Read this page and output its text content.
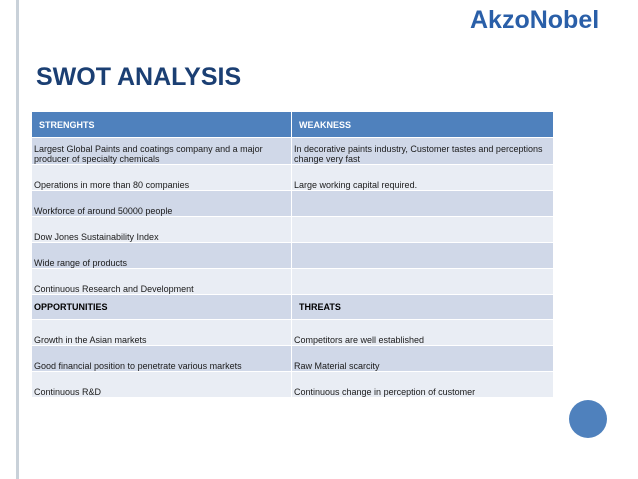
AkzoNobel
SWOT ANALYSIS
STRENGHTS	WEAKNESS
Largest Global Paints and coatings company and a major producer of specialty chemicals	In decorative paints industry, Customer tastes and perceptions change very fast
Operations in more than 80 companies	Large working capital required.
Workforce of around 50000 people	
Dow Jones Sustainability Index	
Wide range of products	
Continuous Research and Development	
OPPORTUNITIES	THREATS
Growth in the Asian markets	Competitors are well established
Good financial position to penetrate various markets	Raw Material scarcity
Continuous R&D	Continuous change in perception of customer
